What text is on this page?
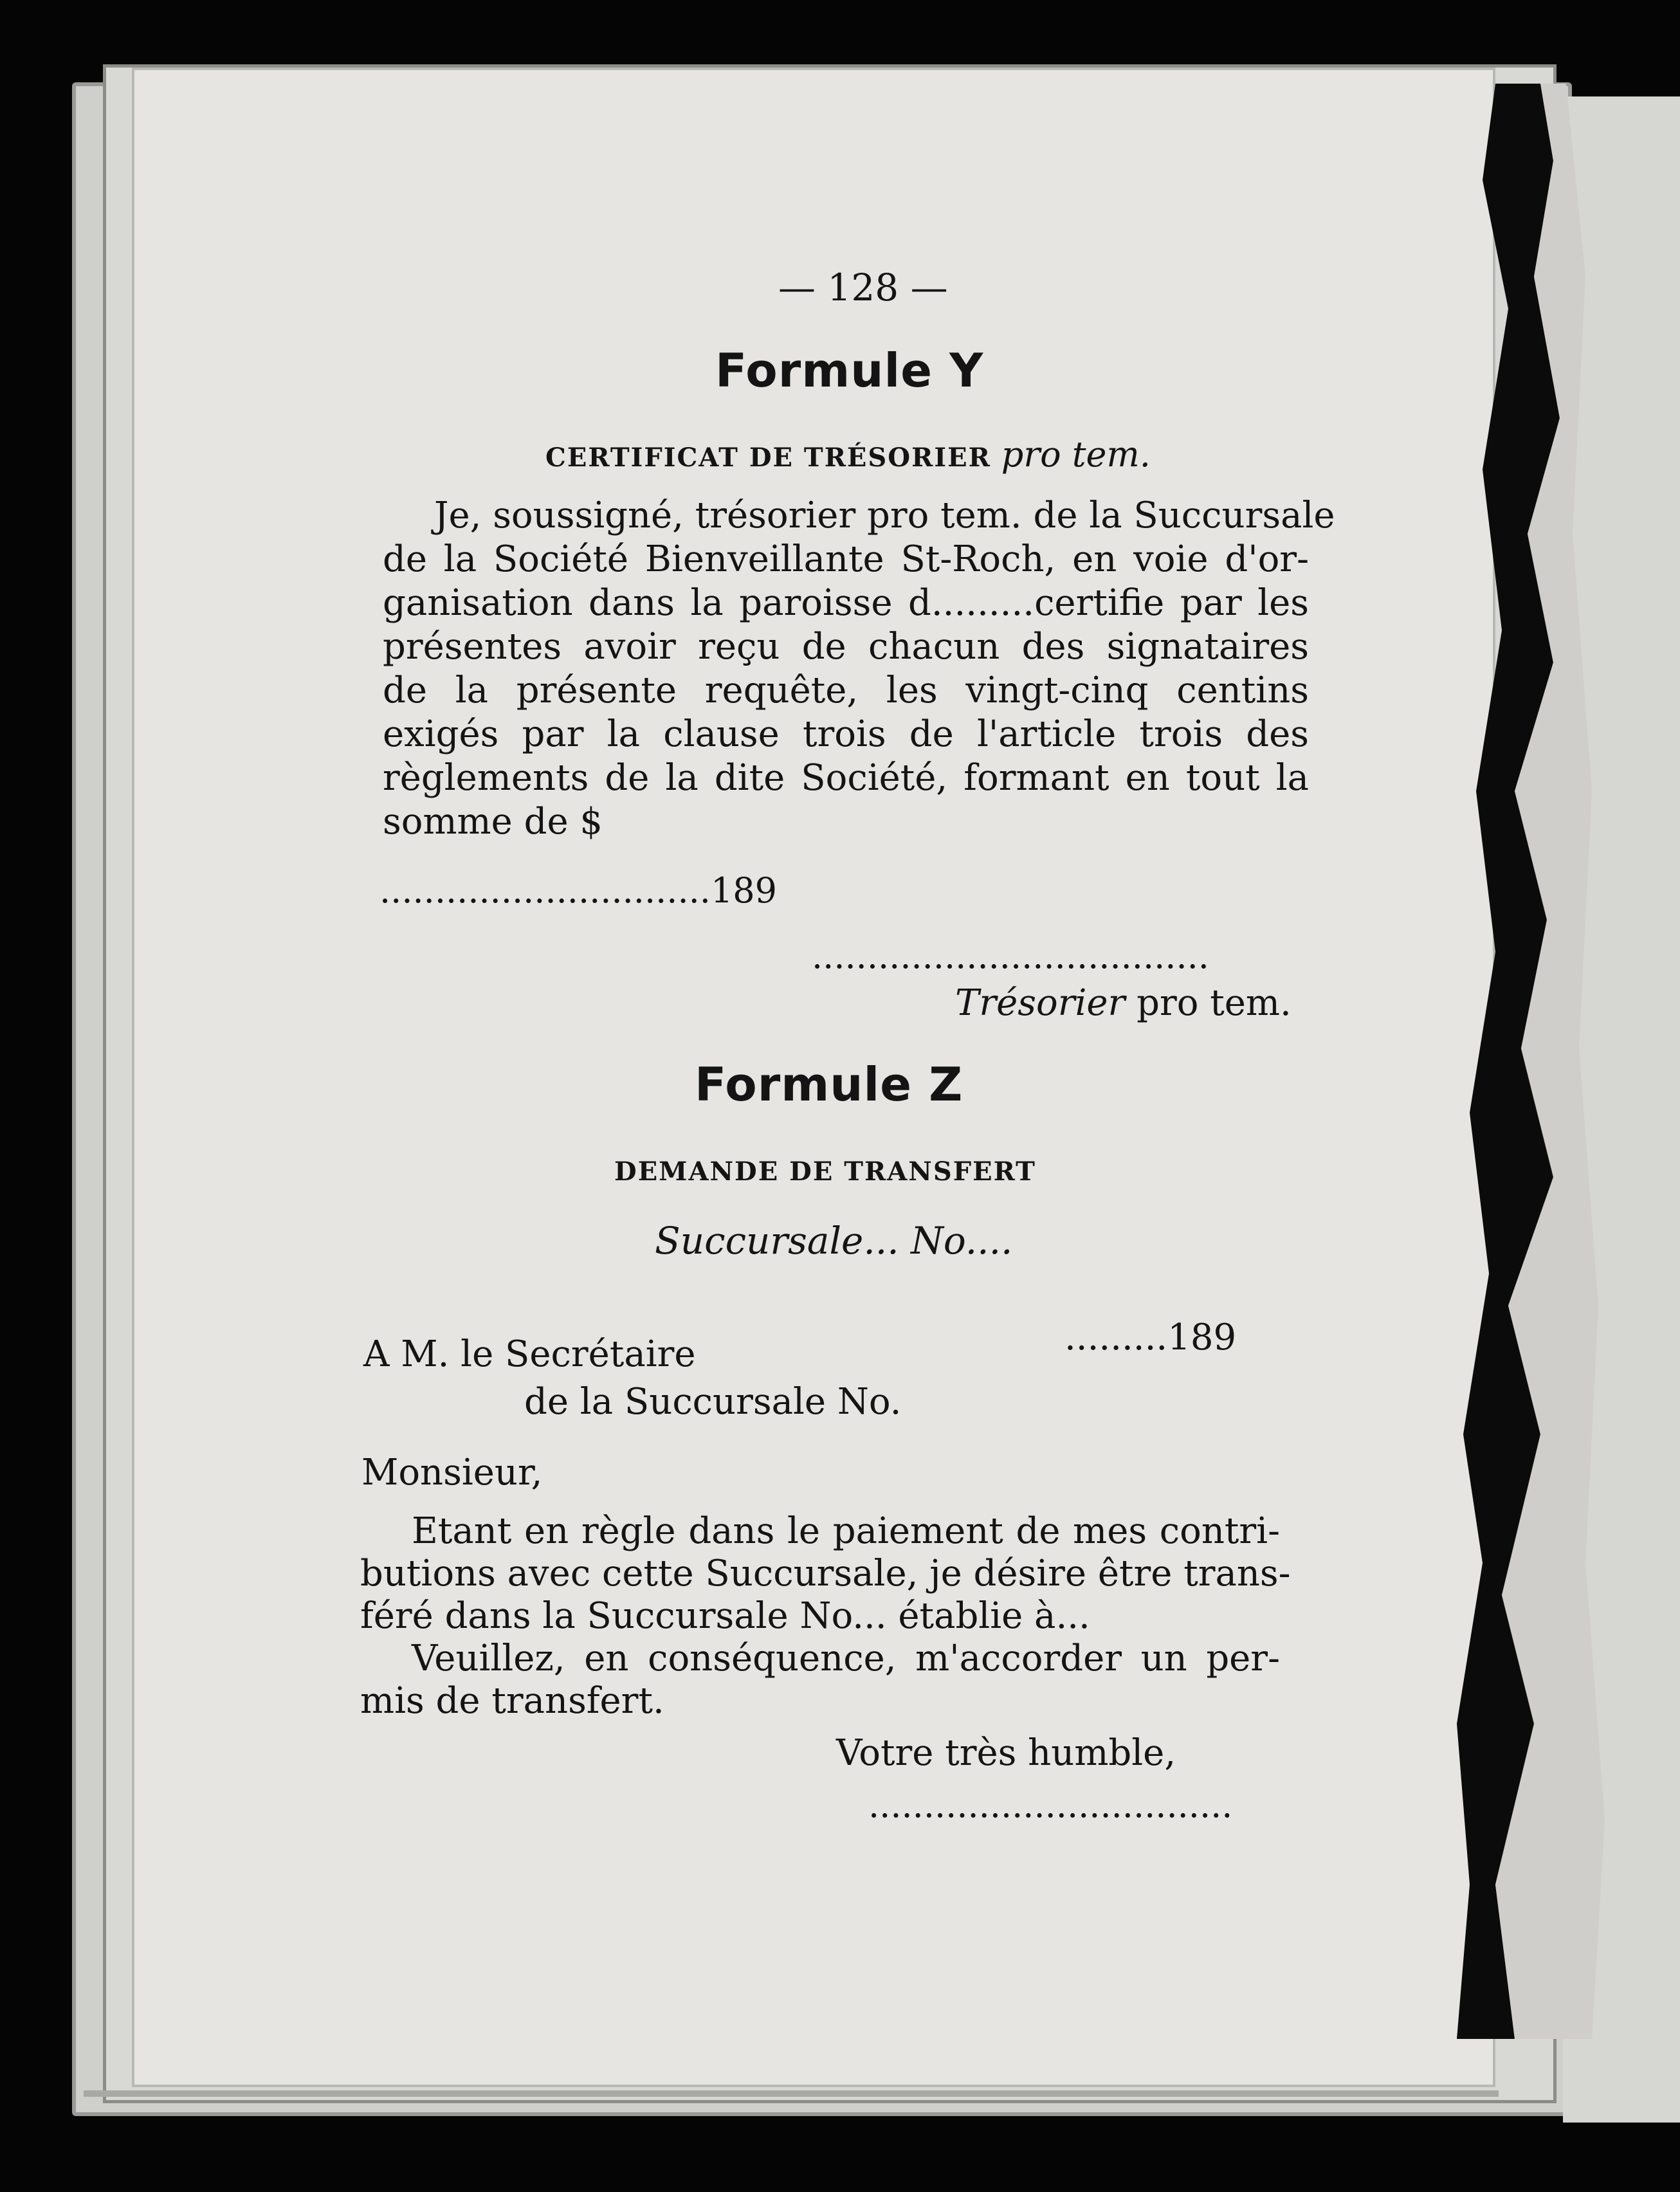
— 128 —
Formule Y
CERTIFICAT DE TRÉSORIER pro tem.
Je, soussigné, trésorier pro tem. de la Succursale
de la Société Bienveillante St-Roch, en voie d'or-
ganisation dans la paroisse d.........certifie par les
présentes avoir reçu de chacun des signataires
de la présente requête, les vingt-cinq centins
exigés par la clause trois de l'article trois des
règlements de la dite Société, formant en tout la
somme de $
..............................189
....................................
Trésorier pro tem.
Formule Z
DEMANDE DE TRANSFERT
Succursale... No....
.........189
A M. le Secrétaire
de la Succursale No.
Monsieur,
Etant en règle dans le paiement de mes contri-
butions avec cette Succursale, je désire être trans-
féré dans la Succursale No... établie à...
Veuillez, en conséquence, m'accorder un per-
mis de transfert.
Votre très humble,
.................................
